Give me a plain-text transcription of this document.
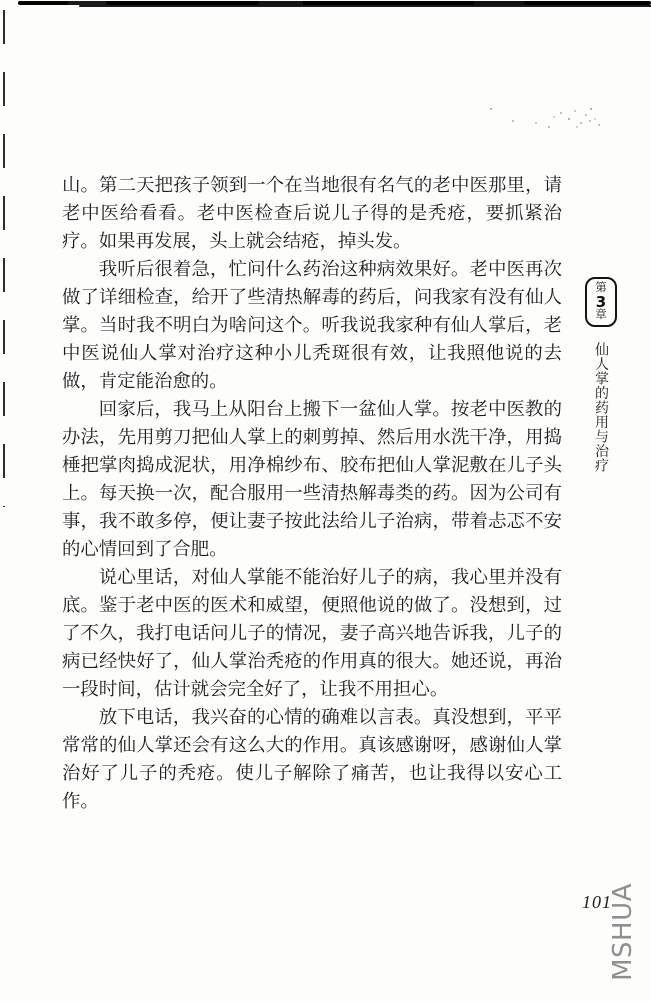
山。第二天把孩子领到一个在当地很有名气的老中医那里，请老中医给看看。老中医检查后说儿子得的是秃疮，要抓紧治疗。如果再发展，头上就会结疮，掉头发。

我听后很着急，忙问什么药治这种病效果好。老中医再次做了详细检查，给开了些清热解毒的药后，问我家有没有仙人掌。当时我不明白为啥问这个。听我说我家种有仙人掌后，老中医说仙人掌对治疗这种小儿秃斑很有效，让我照他说的去做，肯定能治愈的。

回家后，我马上从阳台上搬下一盆仙人掌。按老中医教的办法，先用剪刀把仙人掌上的刺剪掉、然后用水洗干净，用捣棰把掌肉捣成泥状，用净棉纱布、胶布把仙人掌泥敷在儿子头上。每天换一次，配合服用一些清热解毒类的药。因为公司有事，我不敢多停，便让妻子按此法给儿子治病，带着忐忑不安的心情回到了合肥。

说心里话，对仙人掌能不能治好儿子的病，我心里并没有底。鉴于老中医的医术和威望，便照他说的做了。没想到，过了不久，我打电话问儿子的情况，妻子高兴地告诉我，儿子的病已经快好了，仙人掌治秃疮的作用真的很大。她还说，再治一段时间，估计就会完全好了，让我不用担心。

放下电话，我兴奋的心情的确难以言表。真没想到，平平常常的仙人掌还会有这么大的作用。真该感谢呀，感谢仙人掌治好了儿子的秃疮。使儿子解除了痛苦，也让我得以安心工作。

第
3
章
仙人掌的药用与治疗
101
MSHUA
